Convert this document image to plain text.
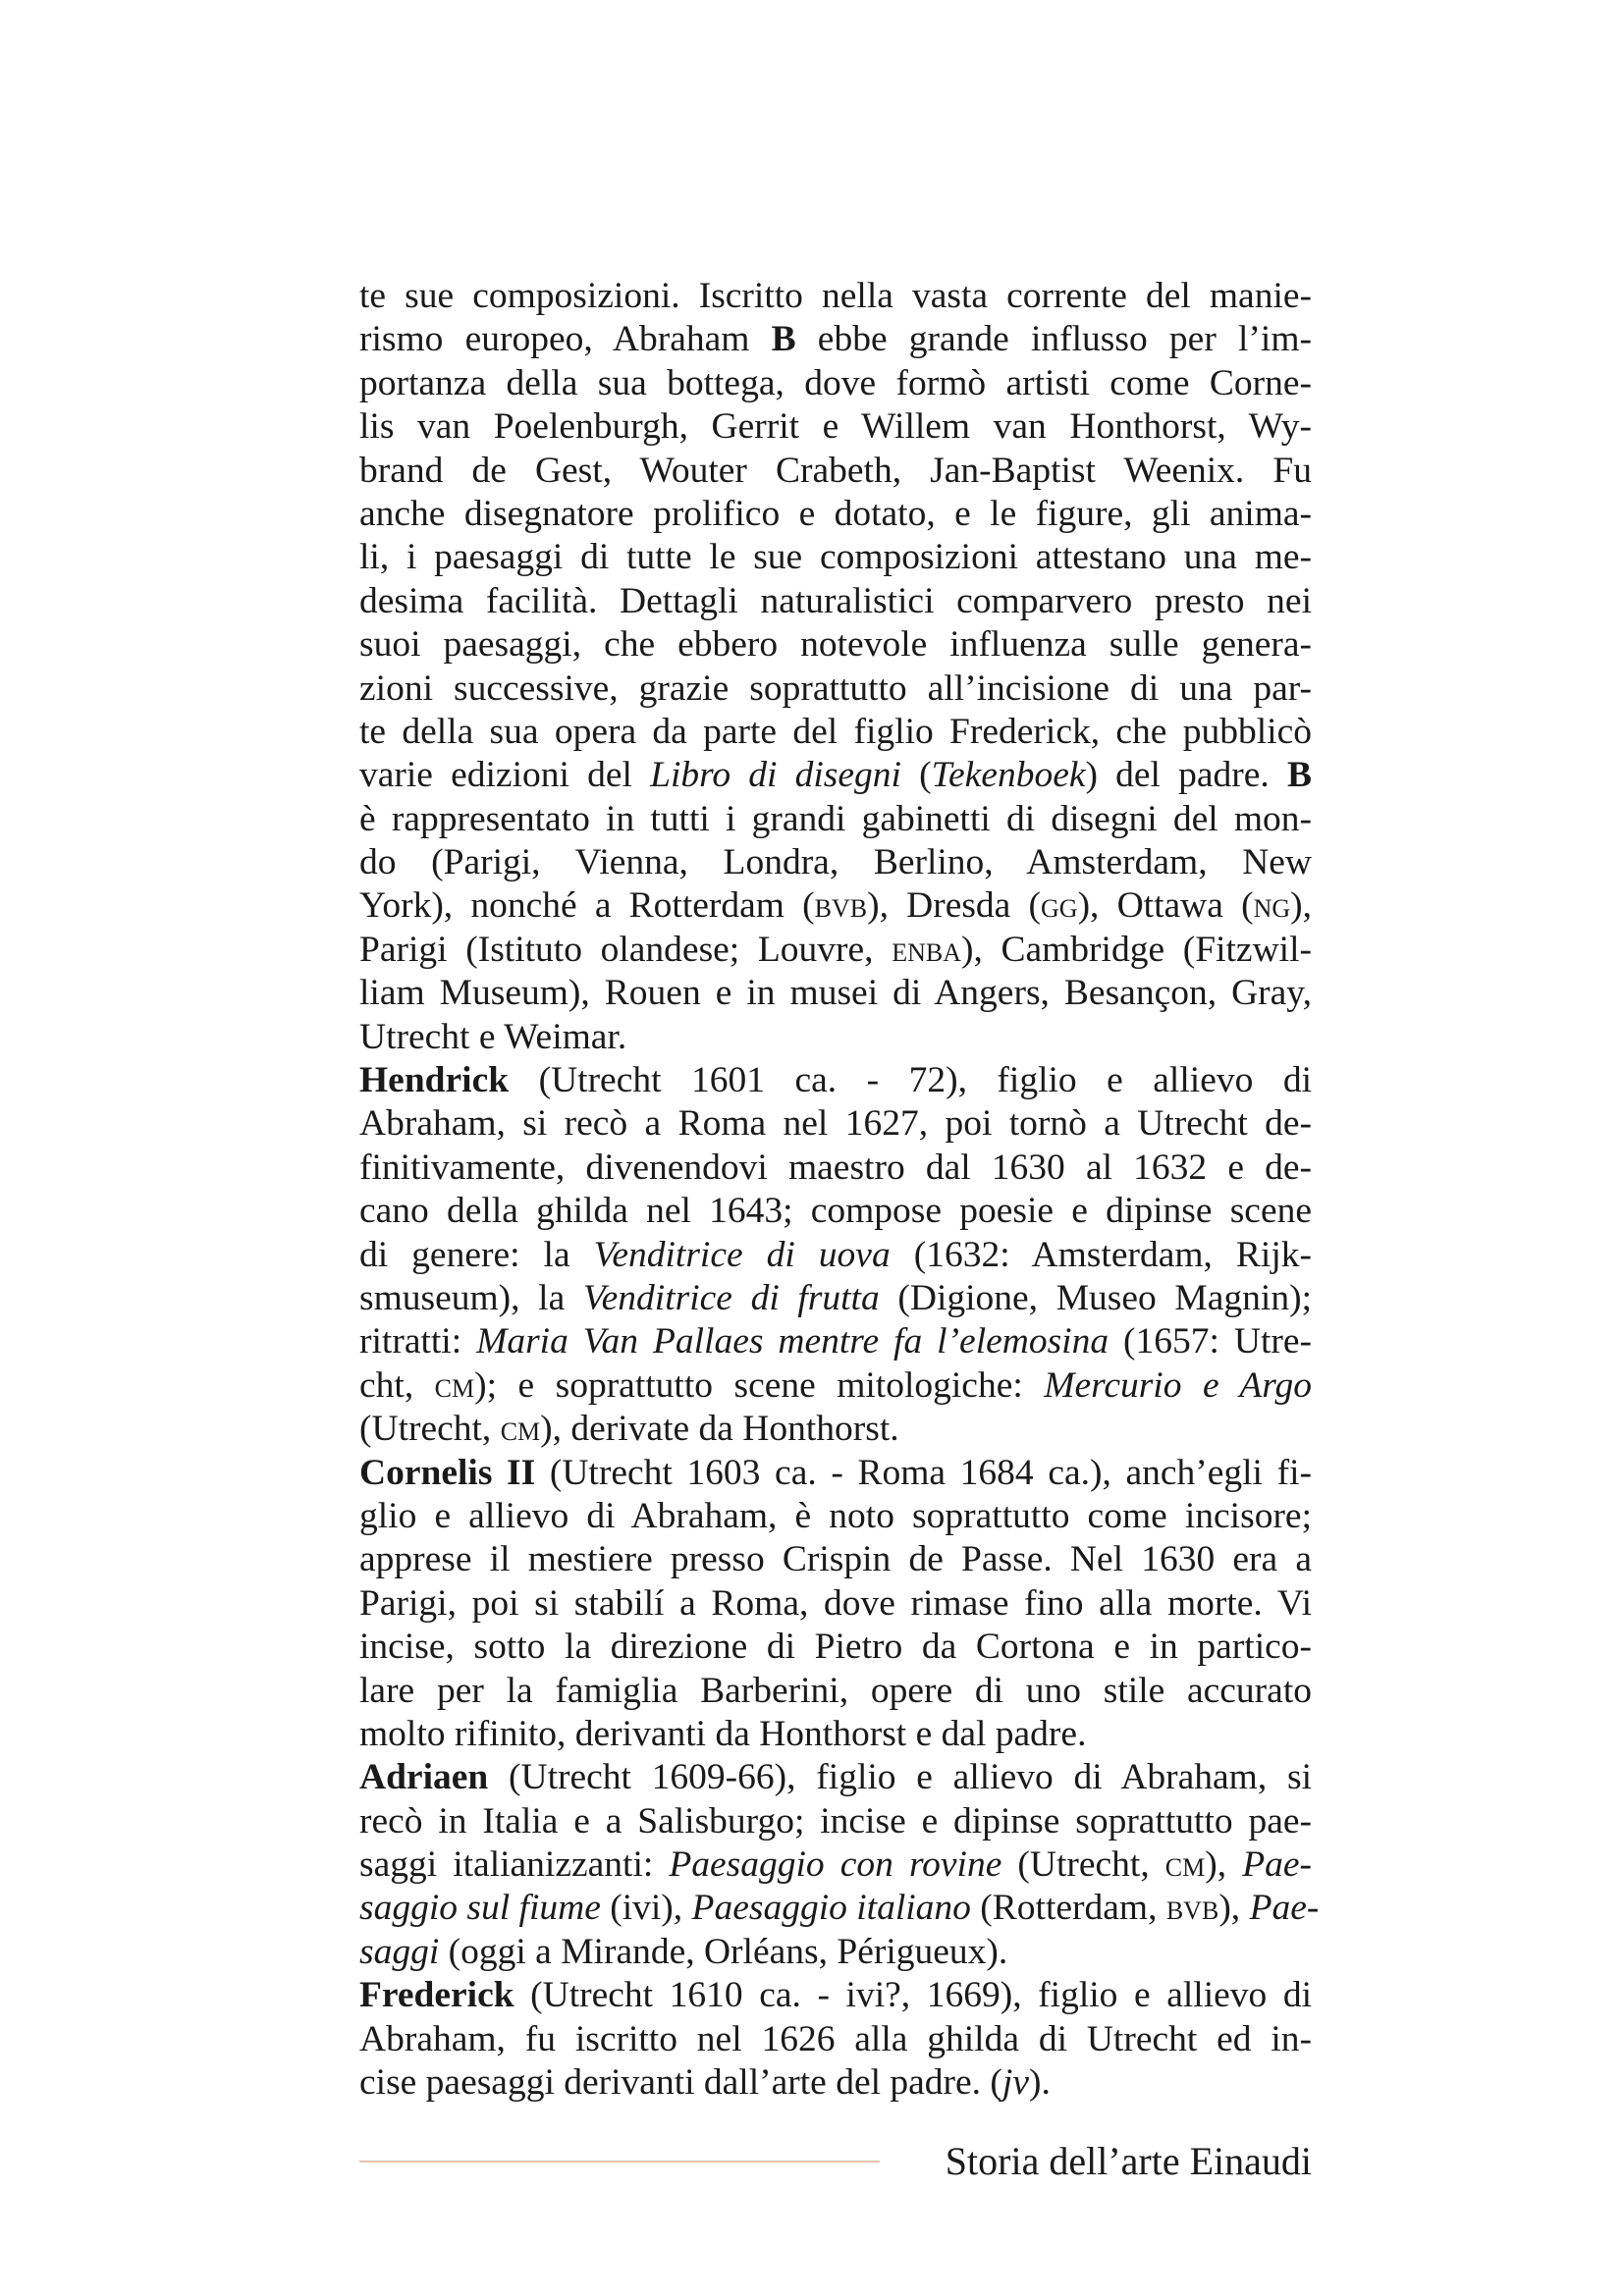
te sue composizioni. Iscritto nella vasta corrente del manie-
rismo europeo, Abraham B ebbe grande influsso per l’im-
portanza della sua bottega, dove formò artisti come Corne-
lis van Poelenburgh, Gerrit e Willem van Honthorst, Wy-
brand de Gest, Wouter Crabeth, Jan-Baptist Weenix. Fu
anche disegnatore prolifico e dotato, e le figure, gli anima-
li, i paesaggi di tutte le sue composizioni attestano una me-
desima facilità. Dettagli naturalistici comparvero presto nei
suoi paesaggi, che ebbero notevole influenza sulle genera-
zioni successive, grazie soprattutto all’incisione di una par-
te della sua opera da parte del figlio Frederick, che pubblicò
varie edizioni del Libro di disegni (Tekenboek) del padre. B
è rappresentato in tutti i grandi gabinetti di disegni del mon-
do (Parigi, Vienna, Londra, Berlino, Amsterdam, New
York), nonché a Rotterdam (bvb), Dresda (gg), Ottawa (ng),
Parigi (Istituto olandese; Louvre, enba), Cambridge (Fitzwil-
liam Museum), Rouen e in musei di Angers, Besançon, Gray,
Utrecht e Weimar.
Hendrick (Utrecht 1601 ca. - 72), figlio e allievo di
Abraham, si recò a Roma nel 1627, poi tornò a Utrecht de-
finitivamente, divenendovi maestro dal 1630 al 1632 e de-
cano della ghilda nel 1643; compose poesie e dipinse scene
di genere: la Venditrice di uova (1632: Amsterdam, Rijk-
smuseum), la Venditrice di frutta (Digione, Museo Magnin);
ritratti: Maria Van Pallaes mentre fa l’elemosina (1657: Utre-
cht, cm); e soprattutto scene mitologiche: Mercurio e Argo
(Utrecht, cm), derivate da Honthorst.
Cornelis II (Utrecht 1603 ca. - Roma 1684 ca.), anch’egli fi-
glio e allievo di Abraham, è noto soprattutto come incisore;
apprese il mestiere presso Crispin de Passe. Nel 1630 era a
Parigi, poi si stabilí a Roma, dove rimase fino alla morte. Vi
incise, sotto la direzione di Pietro da Cortona e in partico-
lare per la famiglia Barberini, opere di uno stile accurato
molto rifinito, derivanti da Honthorst e dal padre.
Adriaen (Utrecht 1609-66), figlio e allievo di Abraham, si
recò in Italia e a Salisburgo; incise e dipinse soprattutto pae-
saggi italianizzanti: Paesaggio con rovine (Utrecht, cm), Pae-
saggio sul fiume (ivi), Paesaggio italiano (Rotterdam, bvb), Pae-
saggi (oggi a Mirande, Orléans, Périgueux).
Frederick (Utrecht 1610 ca. - ivi?, 1669), figlio e allievo di
Abraham, fu iscritto nel 1626 alla ghilda di Utrecht ed in-
cise paesaggi derivanti dall’arte del padre. (jv).
Storia dell’arte Einaudi
